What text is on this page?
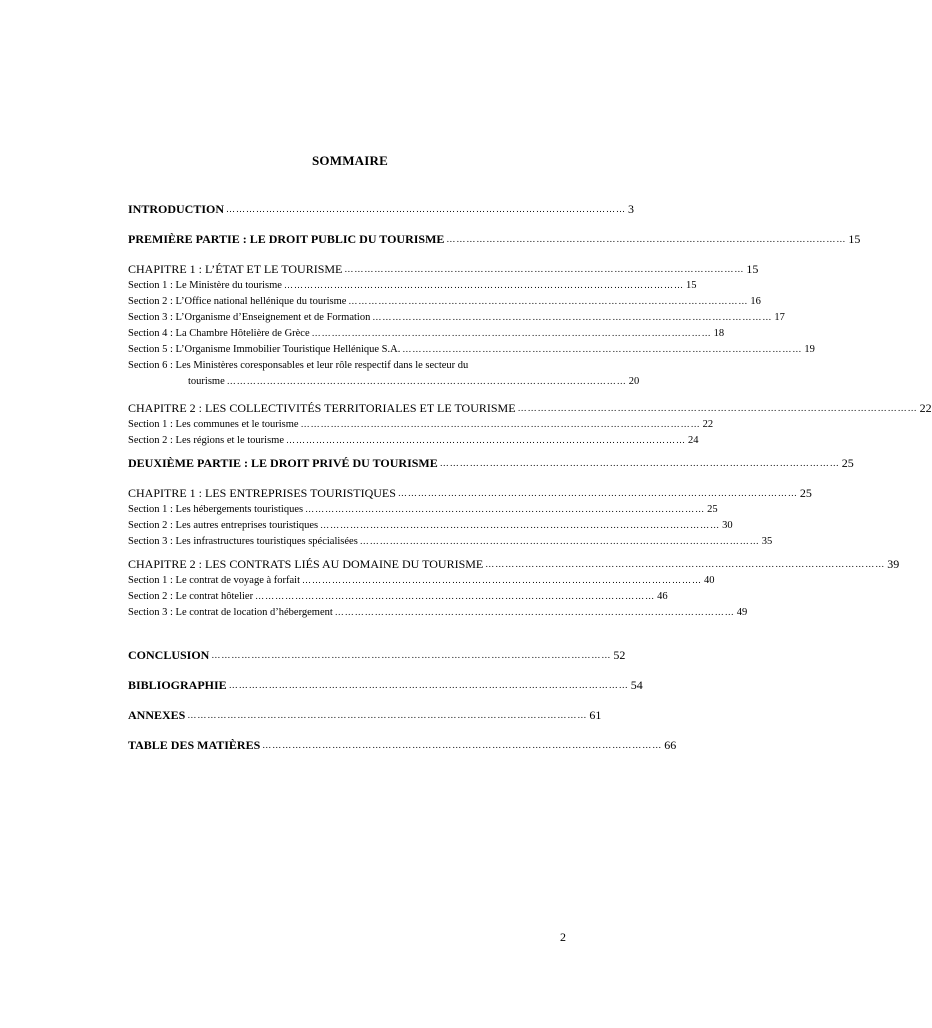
SOMMAIRE
INTRODUCTION ………………………………………………………………………………………………………… 3
PREMIÈRE PARTIE : LE DROIT PUBLIC DU TOURISME ………………………………………………………………………………………………………… 15
CHAPITRE 1 : L’ÉTAT ET LE TOURISME ………………………………………………………………………………………………………… 15
Section 1 : Le Ministère du tourisme ………………………………………………………………………………………………………… 15
Section 2 : L’Office national hellénique du tourisme ………………………………………………………………………………………………………… 16
Section 3 : L’Organisme d’Enseignement et de Formation ………………………………………………………………………………………………………… 17
Section 4 : La Chambre Hôtelière de Grèce ………………………………………………………………………………………………………… 18
Section 5 : L’Organisme Immobilier Touristique Hellénique S.A. ………………………………………………………………………………………………………… 19
Section 6 : Les Ministères coresponsables et leur rôle respectif dans le secteur du
tourisme ………………………………………………………………………………………………………… 20
CHAPITRE 2 : LES COLLECTIVITÉS TERRITORIALES ET LE TOURISME ………………………………………………………………………………………………………… 22
Section 1 : Les communes et le tourisme ………………………………………………………………………………………………………… 22
Section 2 : Les régions et le tourisme ………………………………………………………………………………………………………… 24
DEUXIÈME PARTIE : LE DROIT PRIVÉ DU TOURISME ………………………………………………………………………………………………………… 25
CHAPITRE 1 : LES ENTREPRISES TOURISTIQUES ………………………………………………………………………………………………………… 25
Section 1 : Les hébergements touristiques ………………………………………………………………………………………………………… 25
Section 2 : Les autres entreprises touristiques ………………………………………………………………………………………………………… 30
Section 3 : Les infrastructures touristiques spécialisées ………………………………………………………………………………………………………… 35
CHAPITRE 2 : LES CONTRATS LIÉS AU DOMAINE DU TOURISME ………………………………………………………………………………………………………… 39
Section 1 : Le contrat de voyage à forfait ………………………………………………………………………………………………………… 40
Section 2 : Le contrat hôtelier ………………………………………………………………………………………………………… 46
Section 3 : Le contrat de location d’hébergement ………………………………………………………………………………………………………… 49
CONCLUSION ………………………………………………………………………………………………………… 52
BIBLIOGRAPHIE ………………………………………………………………………………………………………… 54
ANNEXES ………………………………………………………………………………………………………… 61
TABLE DES MATIÈRES ………………………………………………………………………………………………………… 66
2
